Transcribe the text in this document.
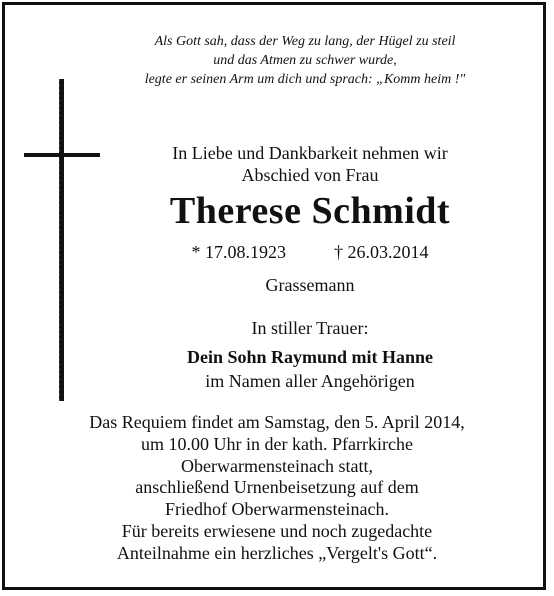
Als Gott sah, dass der Weg zu lang, der Hügel zu steil
und das Atmen zu schwer wurde,
legte er seinen Arm um dich und sprach: „Komm heim !"
In Liebe und Dankbarkeit nehmen wir
Abschied von Frau
Therese Schmidt
* 17.08.1923	† 26.03.2014
Grassemann
In stiller Trauer:
Dein Sohn Raymund mit Hanne
im Namen aller Angehörigen
Das Requiem findet am Samstag, den 5. April 2014,
um 10.00 Uhr in der kath. Pfarrkirche
Oberwarmensteinach statt,
anschließend Urnenbeisetzung auf dem
Friedhof Oberwarmensteinach.
Für bereits erwiesene und noch zugedachte
Anteilnahme ein herzliches „Vergelt's Gott“.
